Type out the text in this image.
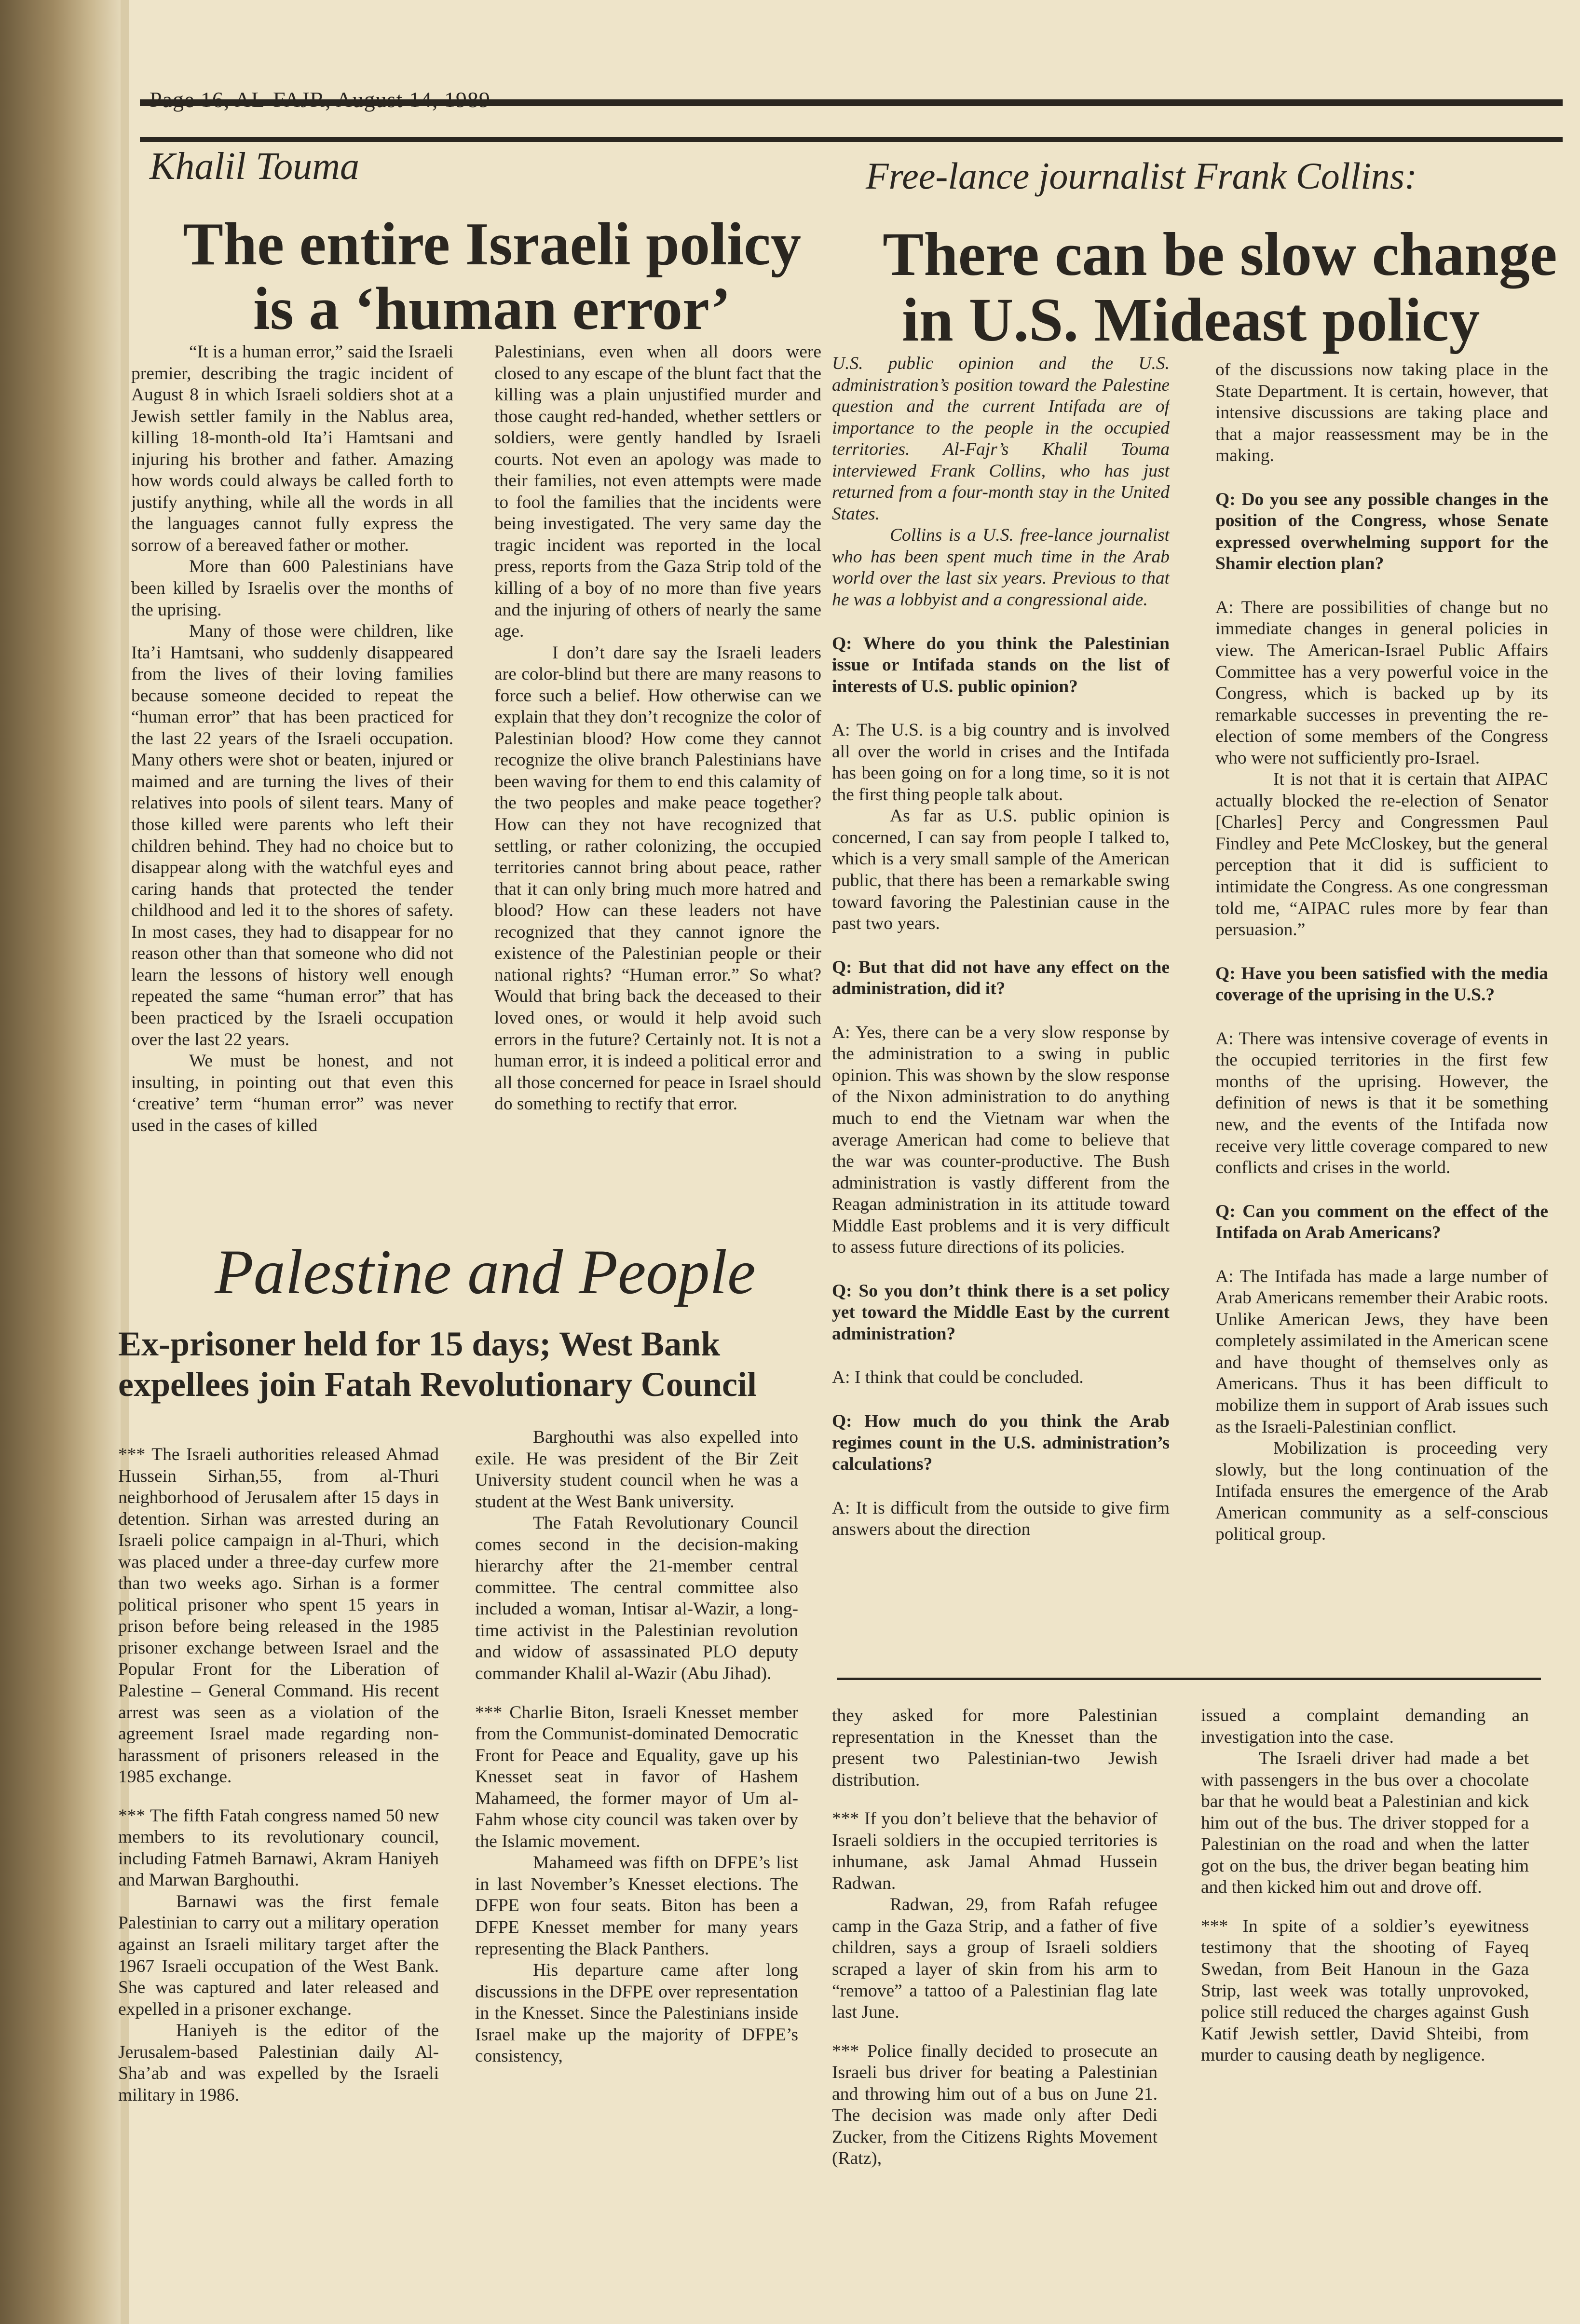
Khalil Touma
The entire Israeli policy
is a ‘human error’

“It is a human error,” said the Israeli premier, describing the tragic incident of August 8 in which Israeli soldiers shot at a Jewish settler family in the Nablus area, killing 18-month-old Ita’i Hamtsani and injuring his brother and father. Amazing how words could always be called forth to justify anything, while all the words in all the languages cannot fully express the sorrow of a bereaved father or mother.

More than 600 Palestinians have been killed by Israelis over the months of the uprising.

Many of those were children, like Ita’i Hamtsani, who suddenly disappeared from the lives of their loving families because someone decided to repeat the “human error” that has been practiced for the last 22 years of the Israeli occupation. Many others were shot or beaten, injured or maimed and are turning the lives of their relatives into pools of silent tears. Many of those killed were parents who left their children behind. They had no choice but to disappear along with the watchful eyes and caring hands that protected the tender childhood and led it to the shores of safety. In most cases, they had to disappear for no reason other than that someone who did not learn the lessons of history well enough repeated the same “human error” that has been practiced by the Israeli occupation over the last 22 years.

We must be honest, and not insulting, in pointing out that even this ‘creative’ term “human error” was never used in the cases of killed

Palestinians, even when all doors were closed to any escape of the blunt fact that the killing was a plain unjustified murder and those caught red-handed, whether settlers or soldiers, were gently handled by Israeli courts. Not even an apology was made to their families, not even attempts were made to fool the families that the incidents were being investigated. The very same day the tragic incident was reported in the local press, reports from the Gaza Strip told of the killing of a boy of no more than five years and the injuring of others of nearly the same age.

I don’t dare say the Israeli leaders are color-blind but there are many reasons to force such a belief. How otherwise can we explain that they don’t recognize the color of Palestinian blood? How come they cannot recognize the olive branch Palestinians have been waving for them to end this calamity of the two peoples and make peace together? How can they not have recognized that settling, or rather colonizing, the occupied territories cannot bring about peace, rather that it can only bring much more hatred and blood? How can these leaders not have recognized that they cannot ignore the existence of the Palestinian people or their national rights? “Human error.” So what? Would that bring back the deceased to their loved ones, or would it help avoid such errors in the future? Certainly not. It is not a human error, it is indeed a political error and all those concerned for peace in Israel should do something to rectify that error.

Free-lance journalist Frank Collins:
There can be slow change
in U.S. Mideast policy

U.S. public opinion and the U.S. administration’s position toward the Palestine question and the current Intifada are of importance to the people in the occupied territories. Al-Fajr’s Khalil Touma interviewed Frank Collins, who has just returned from a four-month stay in the United States.

Collins is a U.S. free-lance journalist who has been spent much time in the Arab world over the last six years. Previous to that he was a lobbyist and a congressional aide.

Q: Where do you think the Palestinian issue or Intifada stands on the list of interests of U.S. public opinion?

A: The U.S. is a big country and is involved all over the world in crises and the Intifada has been going on for a long time, so it is not the first thing people talk about.

As far as U.S. public opinion is concerned, I can say from people I talked to, which is a very small sample of the American public, that there has been a remarkable swing toward favoring the Palestinian cause in the past two years.

Q: But that did not have any effect on the administration, did it?

A: Yes, there can be a very slow response by the administration to a swing in public opinion. This was shown by the slow response of the Nixon administration to do anything much to end the Vietnam war when the average American had come to believe that the war was counter-productive. The Bush administration is vastly different from the Reagan administration in its attitude toward Middle East problems and it is very difficult to assess future directions of its policies.

Q: So you don’t think there is a set policy yet toward the Middle East by the current administration?

A: I think that could be concluded.

Q: How much do you think the Arab regimes count in the U.S. administration’s calculations?

A: It is difficult from the outside to give firm answers about the direction

of the discussions now taking place in the State Department. It is certain, however, that intensive discussions are taking place and that a major reassessment may be in the making.

Q: Do you see any possible changes in the position of the Congress, whose Senate expressed overwhelming support for the Shamir election plan?

A: There are possibilities of change but no immediate changes in general policies in view. The American-Israel Public Affairs Committee has a very powerful voice in the Congress, which is backed up by its remarkable successes in preventing the re-election of some members of the Congress who were not sufficiently pro-Israel.

It is not that it is certain that AIPAC actually blocked the re-election of Senator [Charles] Percy and Congressmen Paul Findley and Pete McCloskey, but the general perception that it did is sufficient to intimidate the Congress. As one congressman told me, “AIPAC rules more by fear than persuasion.”

Q: Have you been satisfied with the media coverage of the uprising in the U.S.?

A: There was intensive coverage of events in the occupied territories in the first few months of the uprising. However, the definition of news is that it be something new, and the events of the Intifada now receive very little coverage compared to new conflicts and crises in the world.

Q: Can you comment on the effect of the Intifada on Arab Americans?

A: The Intifada has made a large number of Arab Americans remember their Arabic roots. Unlike American Jews, they have been completely assimilated in the American scene and have thought of themselves only as Americans. Thus it has been difficult to mobilize them in support of Arab issues such as the Israeli-Palestinian conflict.

Mobilization is proceeding very slowly, but the long continuation of the Intifada ensures the emergence of the Arab American community as a self-conscious political group.

Palestine and People
Ex-prisoner held for 15 days; West Bank
expellees join Fatah Revolutionary Council

*** The Israeli authorities released Ahmad Hussein Sirhan,55, from al-Thuri neighborhood of Jerusalem after 15 days in detention. Sirhan was arrested during an Israeli police campaign in al-Thuri, which was placed under a three-day curfew more than two weeks ago. Sirhan is a former political prisoner who spent 15 years in prison before being released in the 1985 prisoner exchange between Israel and the Popular Front for the Liberation of Palestine – General Command. His recent arrest was seen as a violation of the agreement Israel made regarding non-harassment of prisoners released in the 1985 exchange.

*** The fifth Fatah congress named 50 new members to its revolutionary council, including Fatmeh Barnawi, Akram Haniyeh and Marwan Barghouthi.

Barnawi was the first female Palestinian to carry out a military operation against an Israeli military target after the 1967 Israeli occupation of the West Bank. She was captured and later released and expelled in a prisoner exchange.

Haniyeh is the editor of the Jerusalem-based Palestinian daily Al-Sha’ab and was expelled by the Israeli military in 1986.

Barghouthi was also expelled into exile. He was president of the Bir Zeit University student council when he was a student at the West Bank university.

The Fatah Revolutionary Council comes second in the decision-making hierarchy after the 21-member central committee. The central committee also included a woman, Intisar al-Wazir, a long-time activist in the Palestinian revolution and widow of assassinated PLO deputy commander Khalil al-Wazir (Abu Jihad).

*** Charlie Biton, Israeli Knesset member from the Communist-dominated Democratic Front for Peace and Equality, gave up his Knesset seat in favor of Hashem Mahameed, the former mayor of Um al-Fahm whose city council was taken over by the Islamic movement.

Mahameed was fifth on DFPE’s list in last November’s Knesset elections. The DFPE won four seats. Biton has been a DFPE Knesset member for many years representing the Black Panthers.

His departure came after long discussions in the DFPE over representation in the Knesset. Since the Palestinians inside Israel make up the majority of DFPE’s consistency,

they asked for more Palestinian representation in the Knesset than the present two Palestinian-two Jewish distribution.

*** If you don’t believe that the behavior of Israeli soldiers in the occupied territories is inhumane, ask Jamal Ahmad Hussein Radwan.

Radwan, 29, from Rafah refugee camp in the Gaza Strip, and a father of five children, says a group of Israeli soldiers scraped a layer of skin from his arm to “remove” a tattoo of a Palestinian flag late last June.

*** Police finally decided to prosecute an Israeli bus driver for beating a Palestinian and throwing him out of a bus on June 21. The decision was made only after Dedi Zucker, from the Citizens Rights Movement (Ratz),

issued a complaint demanding an investigation into the case.

The Israeli driver had made a bet with passengers in the bus over a chocolate bar that he would beat a Palestinian and kick him out of the bus. The driver stopped for a Palestinian on the road and when the latter got on the bus, the driver began beating him and then kicked him out and drove off.

*** In spite of a soldier’s eyewitness testimony that the shooting of Fayeq Swedan, from Beit Hanoun in the Gaza Strip, last week was totally unprovoked, police still reduced the charges against Gush Katif Jewish settler, David Shteibi, from murder to causing death by negligence.
